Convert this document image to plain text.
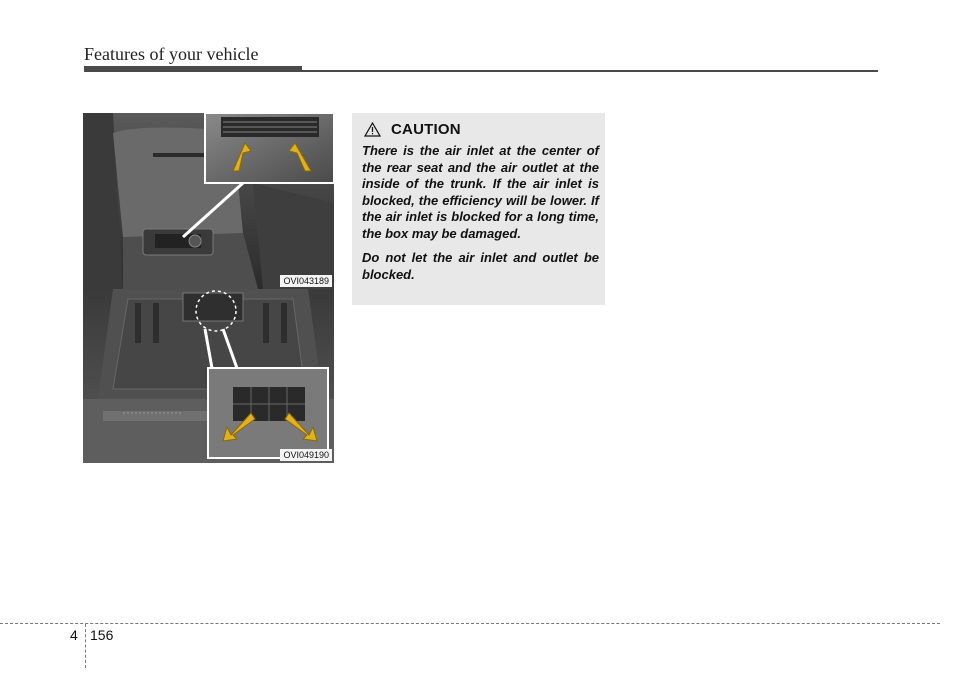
Features of your vehicle
OVI043189
OVI049190
CAUTION

There is the air inlet at the center of the rear seat and the air outlet at the inside of the trunk. If the air inlet is blocked, the efficiency will be lower. If the air inlet is blocked for a long time, the box may be damaged.

Do not let the air inlet and outlet be blocked.

4 156
